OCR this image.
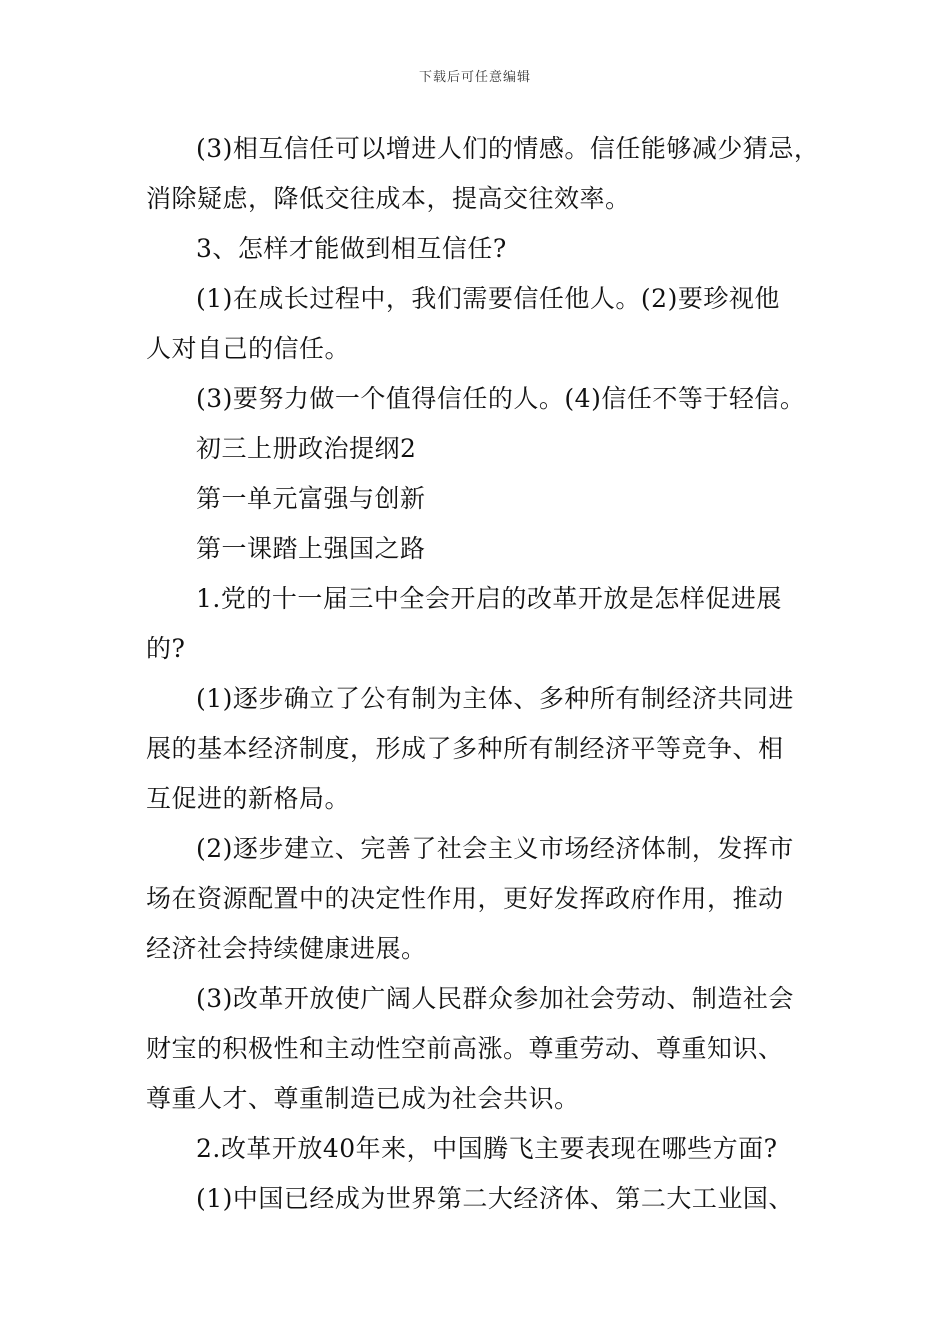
下载后可任意编辑
(3)相互信任可以增进人们的情感。信任能够减少猜忌，
消除疑虑，降低交往成本，提高交往效率。
3、怎样才能做到相互信任?
(1)在成长过程中，我们需要信任他人。(2)要珍视他
人对自己的信任。
(3)要努力做一个值得信任的人。(4)信任不等于轻信。
初三上册政治提纲2
第一单元富强与创新
第一课踏上强国之路
1.党的十一届三中全会开启的改革开放是怎样促进展
的?
(1)逐步确立了公有制为主体、多种所有制经济共同进
展的基本经济制度，形成了多种所有制经济平等竞争、相
互促进的新格局。
(2)逐步建立、完善了社会主义市场经济体制，发挥市
场在资源配置中的决定性作用，更好发挥政府作用，推动
经济社会持续健康进展。
(3)改革开放使广阔人民群众参加社会劳动、制造社会
财宝的积极性和主动性空前高涨。尊重劳动、尊重知识、
尊重人才、尊重制造已成为社会共识。
2.改革开放40年来，中国腾飞主要表现在哪些方面?
(1)中国已经成为世界第二大经济体、第二大工业国、
